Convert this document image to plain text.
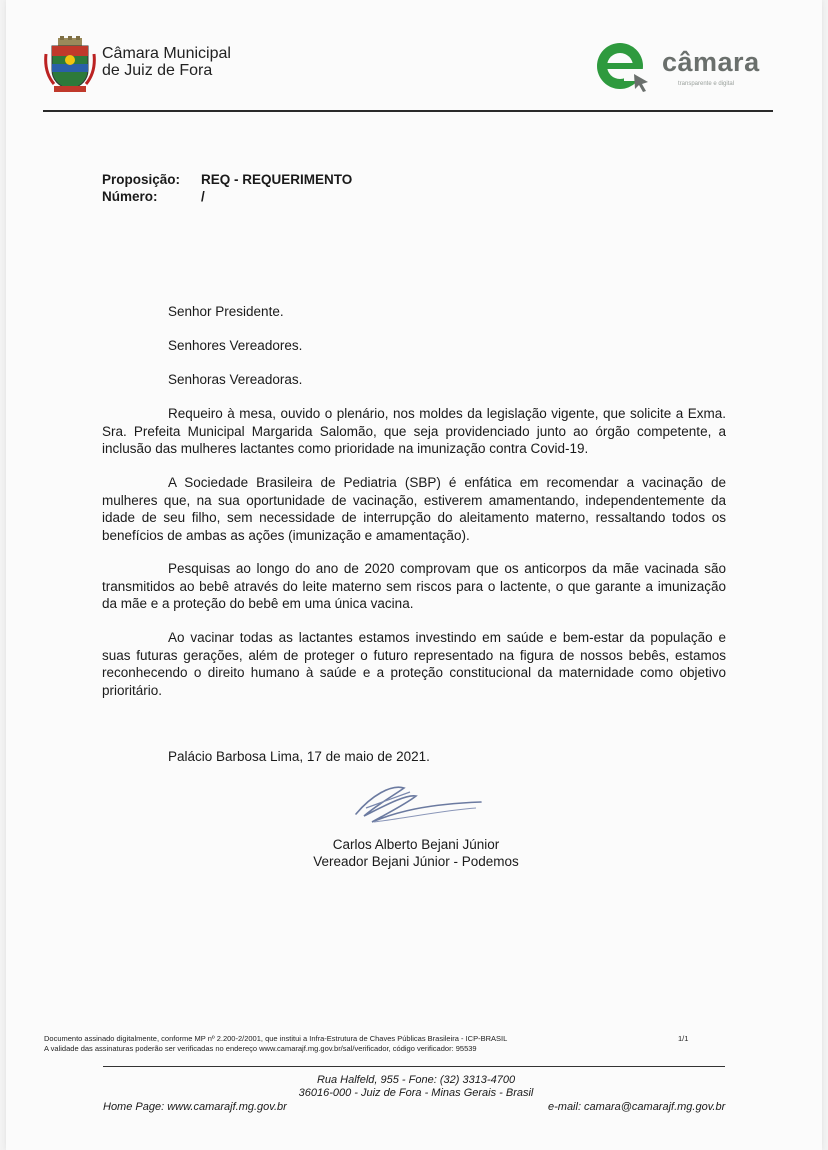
Câmara Municipal
de Juiz de Fora	câmara
transparente e digital
Proposição: REQ - REQUERIMENTO
Número:	/
Senhor Presidente.
Senhores Vereadores.
Senhoras Vereadoras.

Requeiro à mesa, ouvido o plenário, nos moldes da legislação vigente, que solicite a Exma. Sra. Prefeita Municipal Margarida Salomão, que seja providenciado junto ao órgão competente, a inclusão das mulheres lactantes como prioridade na imunização contra Covid-19.

A Sociedade Brasileira de Pediatria (SBP) é enfática em recomendar a vacinação de mulheres que, na sua oportunidade de vacinação, estiverem amamentando, independentemente da idade de seu filho, sem necessidade de interrupção do aleitamento materno, ressaltando todos os benefícios de ambas as ações (imunização e amamentação).

Pesquisas ao longo do ano de 2020 comprovam que os anticorpos da mãe vacinada são transmitidos ao bebê através do leite materno sem riscos para o lactente, o que garante a imunização da mãe e a proteção do bebê em uma única vacina.

Ao vacinar todas as lactantes estamos investindo em saúde e bem-estar da população e suas futuras gerações, além de proteger o futuro representado na figura de nossos bebês, estamos reconhecendo o direito humano à saúde e a proteção constitucional da maternidade como objetivo prioritário.

Palácio Barbosa Lima, 17 de maio de 2021.
Carlos Alberto Bejani Júnior
Vereador Bejani Júnior - Podemos
Documento assinado digitalmente, conforme MP nº 2.200-2/2001, que institui a Infra-Estrutura de Chaves Públicas Brasileira - ICP-BRASIL
A validade das assinaturas poderão ser verificadas no endereço www.camarajf.mg.gov.br/sal/verificador, código verificador: 95539
1/1
Rua Halfeld, 955 - Fone: (32) 3313-4700
36016-000 - Juiz de Fora - Minas Gerais - Brasil
Home Page: www.camarajf.mg.gov.br	e-mail: camara@camarajf.mg.gov.br
